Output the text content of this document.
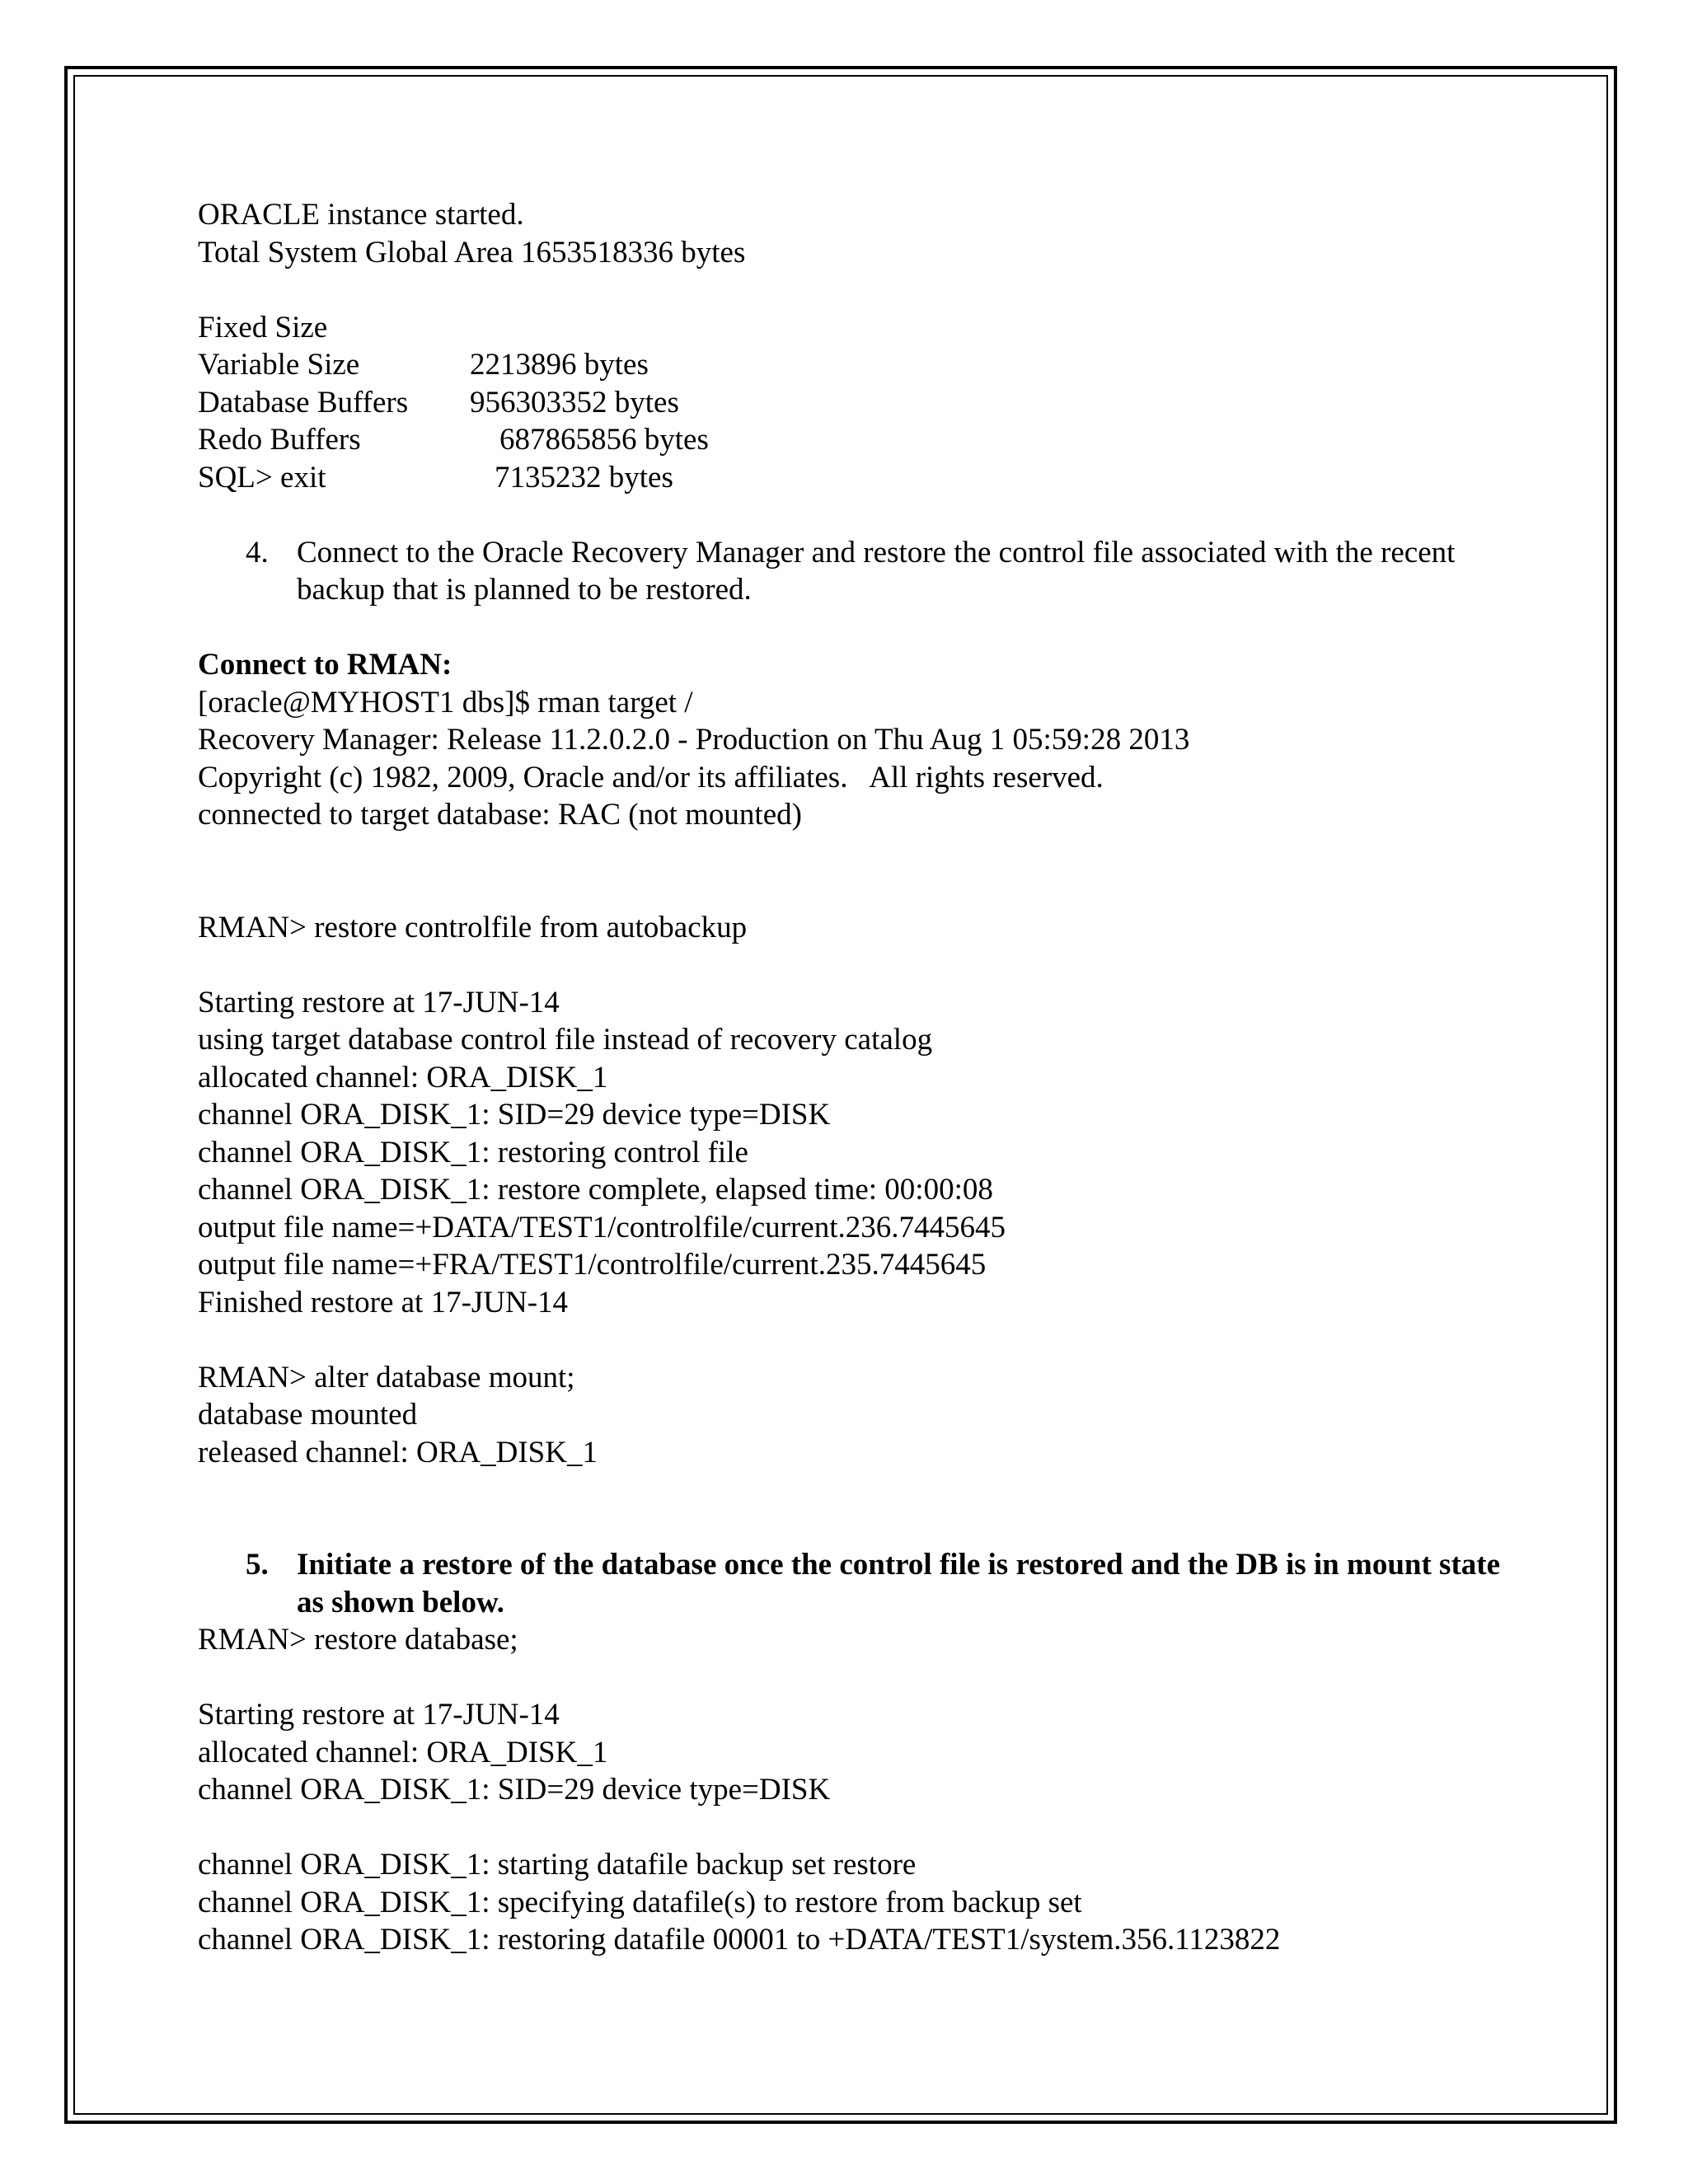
ORACLE instance started.
Total System Global Area 1653518336 bytes

Fixed Size

2213896 bytes

Variable Size

956303352 bytes

Database Buffers

687865856 bytes

Redo Buffers

7135232 bytes

SQL> exit
4. Connect to the Oracle Recovery Manager and restore the control file associated with the recent backup that is planned to be restored.
Connect to RMAN:
[oracle@MYHOST1 dbs]$ rman target /
Recovery Manager: Release 11.2.0.2.0 - Production on Thu Aug 1 05:59:28 2013
Copyright (c) 1982, 2009, Oracle and/or its affiliates.   All rights reserved.
connected to target database: RAC (not mounted)
RMAN> restore controlfile from autobackup
Starting restore at 17-JUN-14
using target database control file instead of recovery catalog
allocated channel: ORA_DISK_1
channel ORA_DISK_1: SID=29 device type=DISK
channel ORA_DISK_1: restoring control file
channel ORA_DISK_1: restore complete, elapsed time: 00:00:08
output file name=+DATA/TEST1/controlfile/current.236.7445645
output file name=+FRA/TEST1/controlfile/current.235.7445645
Finished restore at 17-JUN-14
RMAN> alter database mount;
database mounted
released channel: ORA_DISK_1
5. Initiate a restore of the database once the control file is restored and the DB is in mount state as shown below.
RMAN> restore database;
Starting restore at 17-JUN-14
allocated channel: ORA_DISK_1
channel ORA_DISK_1: SID=29 device type=DISK
channel ORA_DISK_1: starting datafile backup set restore
channel ORA_DISK_1: specifying datafile(s) to restore from backup set
channel ORA_DISK_1: restoring datafile 00001 to +DATA/TEST1/system.356.1123822
